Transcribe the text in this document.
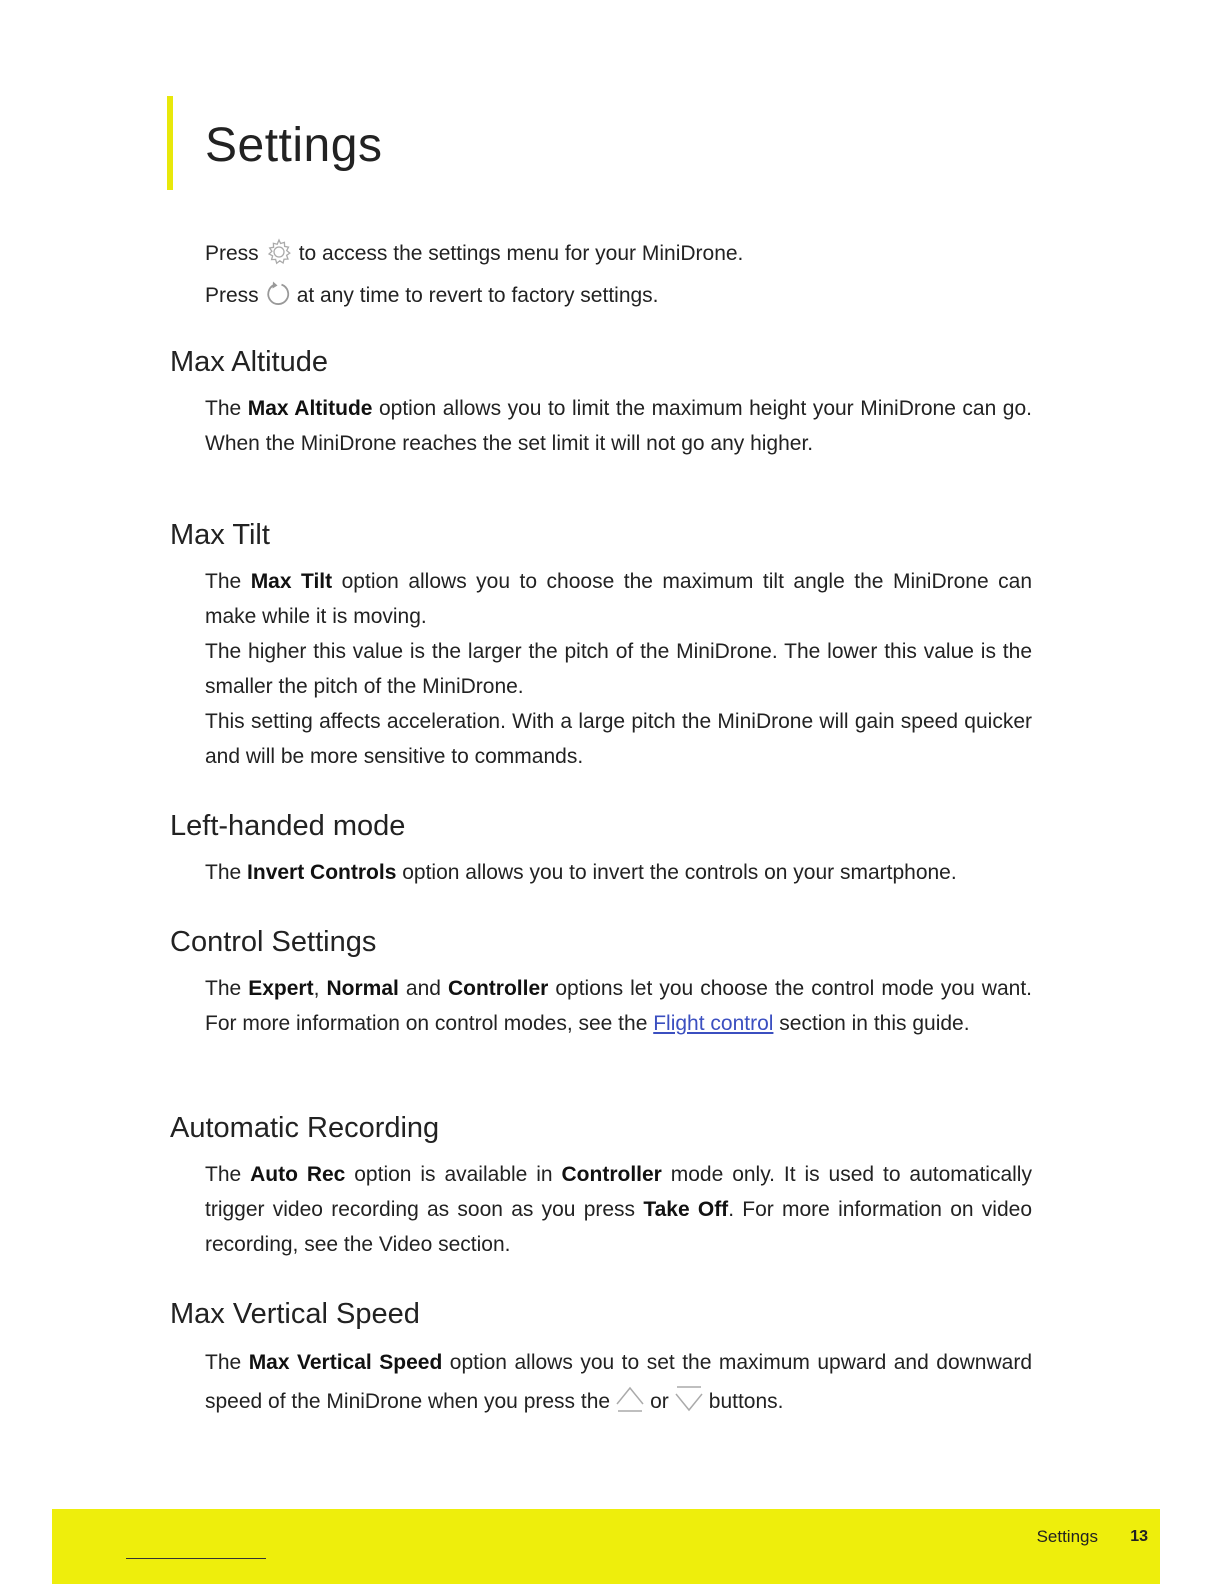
Settings
Press to access the settings menu for your MiniDrone.
Press at any time to revert to factory settings.
Max Altitude

The Max Altitude option allows you to limit the maximum height your MiniDrone can go. When the MiniDrone reaches the set limit it will not go any higher.

Max Tilt

The Max Tilt option allows you to choose the maximum tilt angle the MiniDrone can make while it is moving.

The higher this value is the larger the pitch of the MiniDrone. The lower this value is the smaller the pitch of the MiniDrone.

This setting affects acceleration. With a large pitch the MiniDrone will gain speed quicker and will be more sensitive to commands.

Left-handed mode

The Invert Controls option allows you to invert the controls on your smartphone.

Control Settings

The Expert, Normal and Controller options let you choose the control mode you want. For more information on control modes, see the Flight control section in this guide.

Automatic Recording

The Auto Rec option is available in Controller mode only. It is used to automatically trigger video recording as soon as you press Take Off. For more information on video recording, see the Video section.

Max Vertical Speed

The Max Vertical Speed option allows you to set the maximum upward and downward speed of the MiniDrone when you press the or buttons.

Settings 13
